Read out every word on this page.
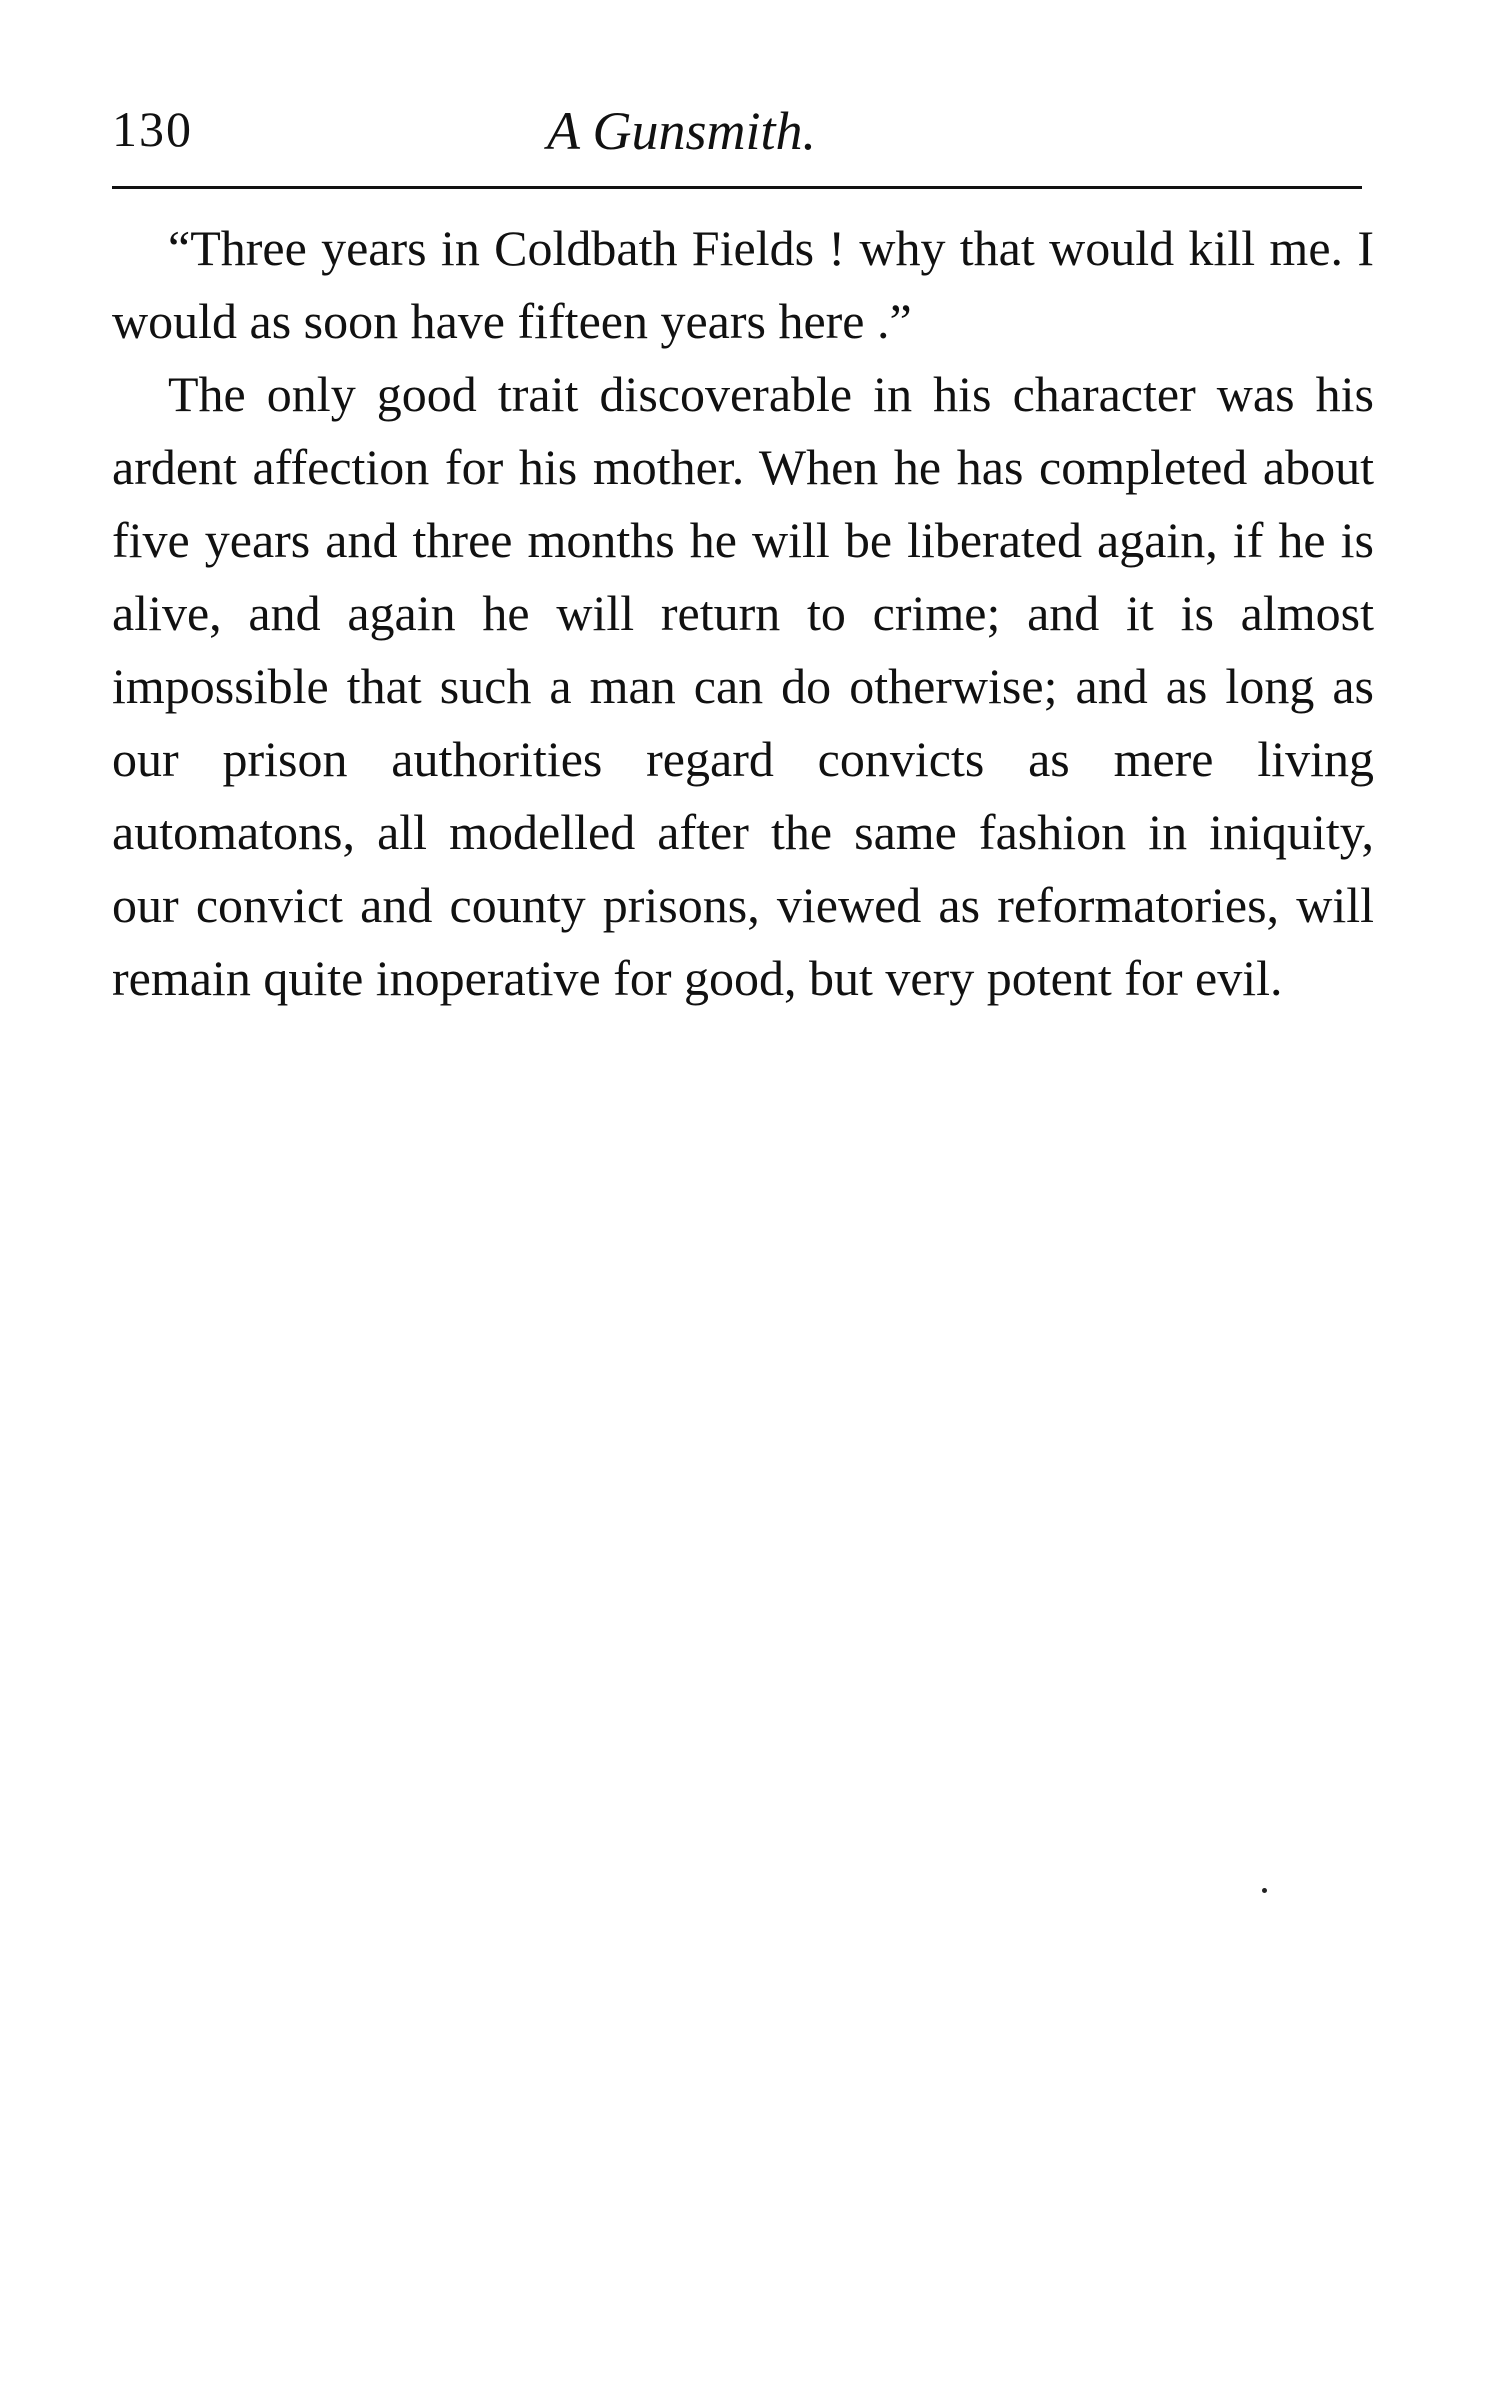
130	A Gunsmith.

“Three years in Coldbath Fields ! why that would kill me. I would as soon have fifteen years here .”

The only good trait discoverable in his character was his ardent affection for his mother. When he has completed about five years and three months he will be liberated again, if he is alive, and again he will return to crime; and it is almost impossible that such a man can do otherwise; and as long as our prison authorities regard convicts as mere living automatons, all modelled after the same fashion in iniquity, our convict and county prisons, viewed as reformatories, will remain quite inoperative for good, but very potent for evil.
